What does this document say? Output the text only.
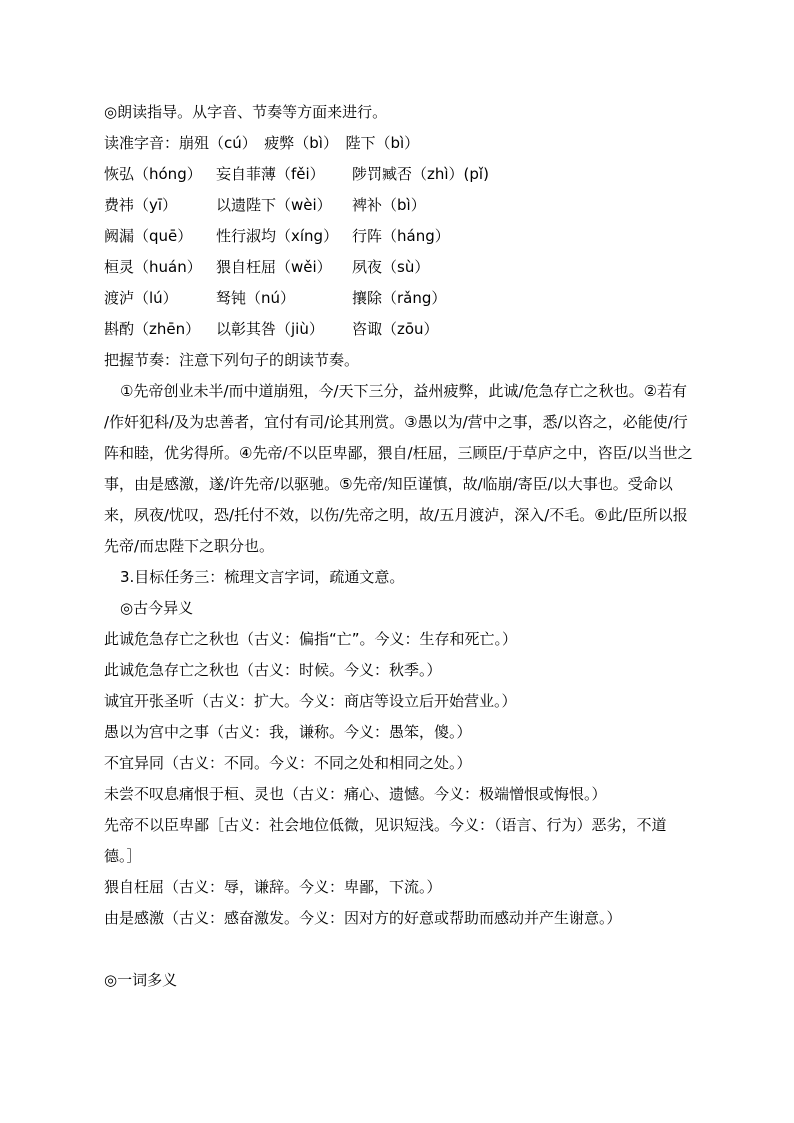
◎朗读指导。从字音、节奏等方面来进行。
读准字音：崩殂（cú）　疲弊（bì）　陛下（bì）
恢弘（hóng） 妄自菲薄（fěi） 陟罚臧否（zhì）(pǐ)
费祎（yī）	以遗陛下（wèi） 裨补（bì）
阙漏（quē） 性行淑均（xíng） 行阵（háng）
桓灵（huán） 猥自枉屈（wěi） 夙夜（sù）
渡泸（lú）	驽钝（nú）	攘除（rǎng）
斟酌（zhēn） 以彰其咎（jiù） 咨诹（zōu）
把握节奏：注意下列句子的朗读节奏。
①先帝创业未半/而中道崩殂，今/天下三分，益州疲弊，此诚/危急存亡之秋也。②若有
/作奸犯科/及为忠善者，宜付有司/论其刑赏。③愚以为/营中之事，悉/以咨之，必能使/行
阵和睦，优劣得所。④先帝/不以臣卑鄙，猥自/枉屈，三顾臣/于草庐之中，咨臣/以当世之
事，由是感激，遂/许先帝/以驱驰。⑤先帝/知臣谨慎，故/临崩/寄臣/以大事也。受命以
来，夙夜/忧叹，恐/托付不效，以伤/先帝之明，故/五月渡泸，深入/不毛。⑥此/臣所以报
先帝/而忠陛下之职分也。
3.目标任务三：梳理文言字词，疏通文意。
◎古今异义
此诚危急存亡之秋也（古义：偏指“亡”。今义：生存和死亡。）
此诚危急存亡之秋也（古义：时候。今义：秋季。）
诚宜开张圣听（古义：扩大。今义：商店等设立后开始营业。）
愚以为宫中之事（古义：我，谦称。今义：愚笨，傻。）
不宜异同（古义：不同。今义：不同之处和相同之处。）
未尝不叹息痛恨于桓、灵也（古义：痛心、遗憾。今义：极端憎恨或悔恨。）
先帝不以臣卑鄙［古义：社会地位低微，见识短浅。今义：（语言、行为）恶劣，不道
德。］
猥自枉屈（古义：辱，谦辞。今义：卑鄙，下流。）
由是感激（古义：感奋激发。今义：因对方的好意或帮助而感动并产生谢意。）
◎一词多义
